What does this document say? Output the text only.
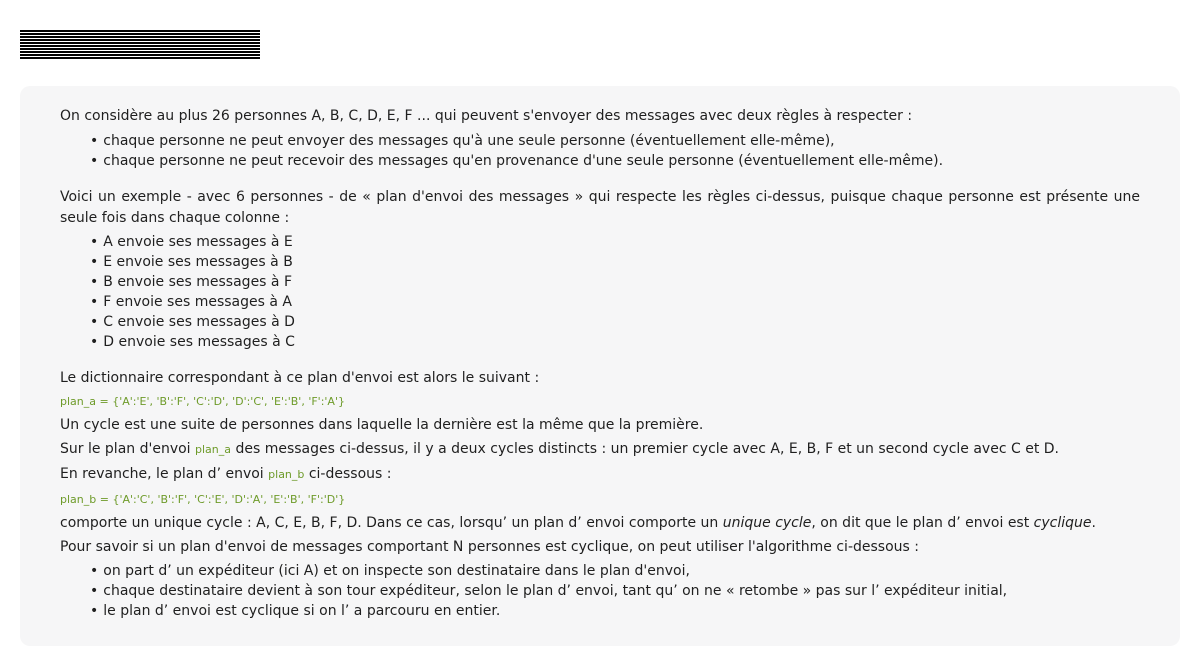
On considère au plus 26 personnes A, B, C, D, E, F ... qui peuvent s'envoyer des messages avec deux règles à respecter :

• chaque personne ne peut envoyer des messages qu'à une seule personne (éventuellement elle-même),
• chaque personne ne peut recevoir des messages qu'en provenance d'une seule personne (éventuellement elle-même).

Voici un exemple - avec 6 personnes - de « plan d'envoi des messages » qui respecte les règles ci-dessus, puisque chaque personne est présente une seule fois dans chaque colonne :

• A envoie ses messages à E
• E envoie ses messages à B
• B envoie ses messages à F
• F envoie ses messages à A
• C envoie ses messages à D
• D envoie ses messages à C

Le dictionnaire correspondant à ce plan d'envoi est alors le suivant :

plan_a = {'A':'E', 'B':'F', 'C':'D', 'D':'C', 'E':'B', 'F':'A'}

Un cycle est une suite de personnes dans laquelle la dernière est la même que la première.

Sur le plan d'envoi plan_a des messages ci-dessus, il y a deux cycles distincts : un premier cycle avec A, E, B, F et un second cycle avec C et D.

En revanche, le plan d’ envoi plan_b ci-dessous :

plan_b = {'A':'C', 'B':'F', 'C':'E', 'D':'A', 'E':'B', 'F':'D'}

comporte un unique cycle : A, C, E, B, F, D. Dans ce cas, lorsqu’ un plan d’ envoi comporte un unique cycle, on dit que le plan d’ envoi est cyclique.

Pour savoir si un plan d'envoi de messages comportant N personnes est cyclique, on peut utiliser l'algorithme ci-dessous :

• on part d’ un expéditeur (ici A) et on inspecte son destinataire dans le plan d'envoi,
• chaque destinataire devient à son tour expéditeur, selon le plan d’ envoi, tant qu’ on ne « retombe » pas sur l’ expéditeur initial,
• le plan d’ envoi est cyclique si on l’ a parcouru en entier.
